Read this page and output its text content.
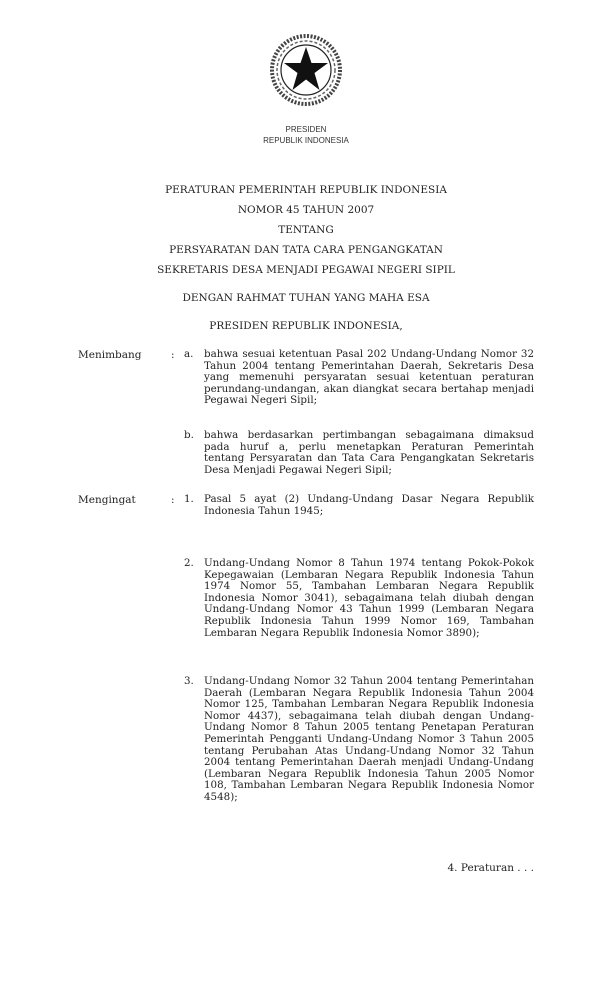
PRESIDEN
REPUBLIK INDONESIA
PERATURAN PEMERINTAH REPUBLIK INDONESIA
NOMOR 45 TAHUN 2007
TENTANG
PERSYARATAN DAN TATA CARA PENGANGKATAN
SEKRETARIS DESA MENJADI PEGAWAI NEGERI SIPIL
DENGAN RAHMAT TUHAN YANG MAHA ESA
PRESIDEN REPUBLIK INDONESIA,
Menimbang	: a.	bahwa sesuai ketentuan Pasal 202 Undang-Undang Nomor 32 Tahun 2004 tentang Pemerintahan Daerah, Sekretaris Desa yang memenuhi persyaratan sesuai ketentuan peraturan perundang-undangan, akan diangkat secara bertahap menjadi Pegawai Negeri Sipil;
b. bahwa berdasarkan pertimbangan sebagaimana dimaksud pada huruf a, perlu menetapkan Peraturan Pemerintah tentang Persyaratan dan Tata Cara Pengangkatan Sekretaris Desa Menjadi Pegawai Negeri Sipil;
Mengingat	: 1. Pasal 5 ayat (2) Undang-Undang Dasar Negara Republik Indonesia Tahun 1945;
2. Undang-Undang Nomor 8 Tahun 1974 tentang Pokok-Pokok Kepegawaian (Lembaran Negara Republik Indonesia Tahun 1974 Nomor 55, Tambahan Lembaran Negara Republik Indonesia Nomor 3041), sebagaimana telah diubah dengan Undang-Undang Nomor 43 Tahun 1999 (Lembaran Negara Republik Indonesia Tahun 1999 Nomor 169, Tambahan Lembaran Negara Republik Indonesia Nomor 3890);
3. Undang-Undang Nomor 32 Tahun 2004 tentang Pemerintahan Daerah (Lembaran Negara Republik Indonesia Tahun 2004 Nomor 125, Tambahan Lembaran Negara Republik Indonesia Nomor 4437), sebagaimana telah diubah dengan Undang-Undang Nomor 8 Tahun 2005 tentang Penetapan Peraturan Pemerintah Pengganti Undang-Undang Nomor 3 Tahun 2005 tentang Perubahan Atas Undang-Undang Nomor 32 Tahun 2004 tentang Pemerintahan Daerah menjadi Undang-Undang (Lembaran Negara Republik Indonesia Tahun 2005 Nomor 108, Tambahan Lembaran Negara Republik Indonesia Nomor 4548);
4. Peraturan . . .
